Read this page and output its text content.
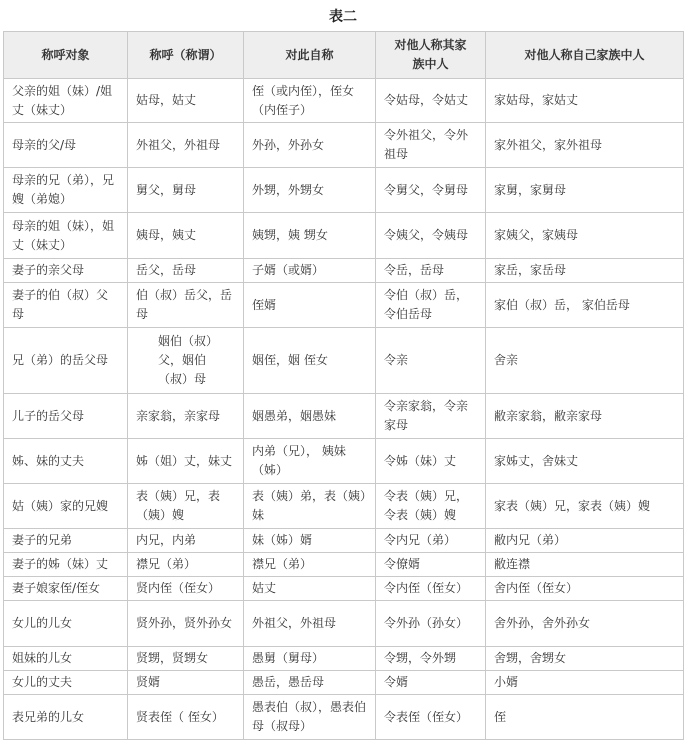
表二
称呼对象	称呼（称谓）	对此自称	对他人称其家族中人	对他人称自己家族中人
父亲的姐（妹）/姐丈（妹丈）	姑母，姑丈	侄（或内侄），侄女（内侄子）	令姑母，令姑丈	家姑母，家姑丈
母亲的父/母	外祖父，外祖母	外孙，外孙女	令外祖父，令外祖母	家外祖父，家外祖母
母亲的兄（弟），兄嫂（弟媳）	舅父，舅母	外甥，外甥女	令舅父，令舅母	家舅，家舅母
母亲的姐（妹），姐丈（妹丈）	姨母，姨丈	姨甥，姨 甥女	令姨父，令姨母	家姨父，家姨母
妻子的亲父母	岳父，岳母	子婿（或婿）	令岳，岳母	家岳，家岳母
妻子的伯（叔）父母	伯（叔）岳父，岳母	侄婿	令伯（叔）岳，令伯岳母	家伯（叔）岳， 家伯岳母
兄（弟）的岳父母	姻伯（叔）父，姻伯（叔）母	姻侄，姻 侄女	令亲	舍亲
儿子的岳父母	亲家翁，亲家母	姻愚弟，姻愚妹	令亲家翁，令亲家母	敝亲家翁，敝亲家母
姊、妹的丈夫	姊（姐）丈，妹丈	内弟（兄）， 姨妹（姊）	令姊（妹）丈	家姊丈，舍妹丈
姑（姨）家的兄嫂	表（姨）兄，表（姨）嫂	表（姨）弟，表（姨）妹	令表（姨）兄，令表（姨）嫂	家表（姨）兄，家表（姨）嫂
妻子的兄弟	内兄，内弟	妹（姊）婿	令内兄（弟）	敝内兄（弟）
妻子的姊（妹）丈	襟兄（弟）	襟兄（弟）	令僚婿	敝连襟
妻子娘家侄/侄女	贤内侄（侄女）	姑丈	令内侄（侄女）	舍内侄（侄女）
女儿的儿女	贤外孙，贤外孙女	外祖父，外祖母	令外孙（孙女）	舍外孙，舍外孙女
姐妹的儿女	贤甥，贤甥女	愚舅（舅母）	令甥，令外甥	舍甥，舍甥女
女儿的丈夫	贤婿	愚岳，愚岳母	令婿	小婿
表兄弟的儿女	贤表侄（ 侄女）	愚表伯（叔），愚表伯母（叔母）	令表侄（侄女）	侄
